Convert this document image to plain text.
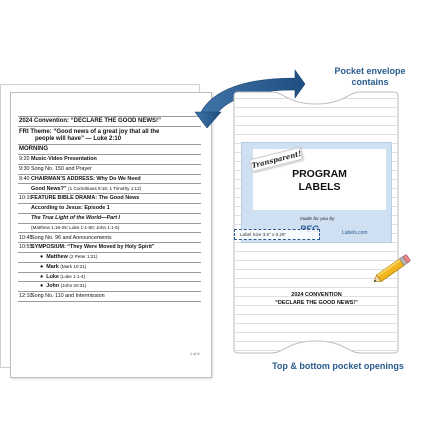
2024 Convention: “DECLARE THE GOOD NEWS!”
FRI Theme: “Good news of a great joy that all the
people will have” — Luke 2:10
MORNING
9:20 Music-Video Presentation
9:30 Song No. 150 and Prayer
9:40 CHAIRMAN’S ADDRESS: Why Do We Need
Good News?” (1 Corinthians 9:16; 1 Timothy 1:12)
10:10
FEATURE BIBLE DRAMA: The Good News
According to Jesus: Episode 1
The True Light of the World—Part I
(Matthew 1:18-25; Luke 1:1-80; John 1:1-5)
10:45
Song No. 96 and Announcements
10:55
SYMPOSIUM: “They Were Moved by Holy Spirit”
● Matthew
(2 Peter 1:21)
● Mark
(Mark 10:21)
● Luke
(Luke 1:1-4)
● John
(John 20:31)
12:10
Song No. 110 and Intermission
1 of 6
Pocket envelope
contains
PROGRAM
LABELS
Transparent!
made for you by
Labels.com
Label Size 3.5" x 0.25"
2024 CONVENTION
“DECLARE THE GOOD NEWS!”
Top & bottom pocket openings
